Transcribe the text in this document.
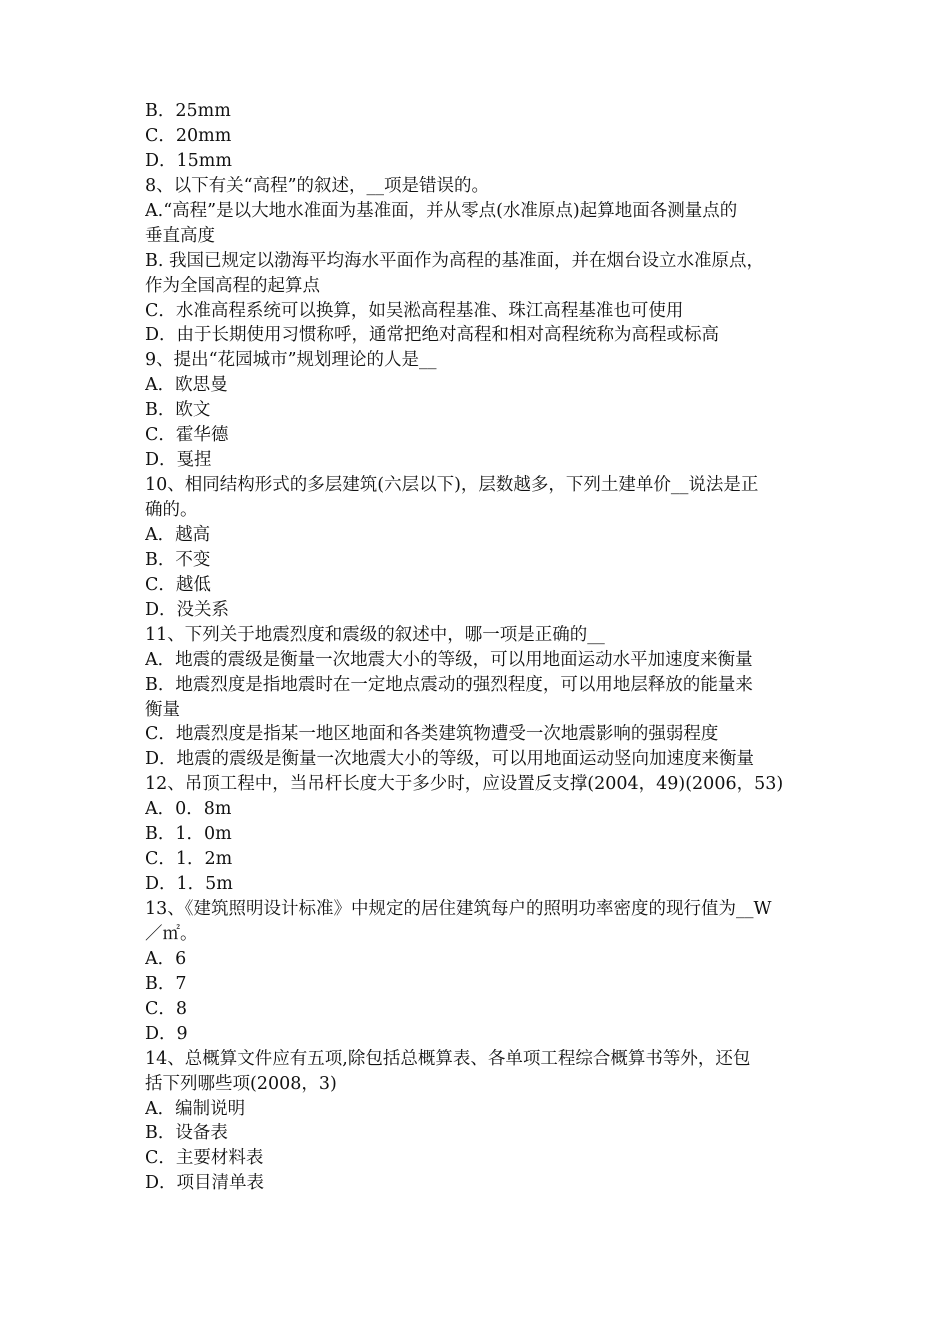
B．25mm
C．20mm
D．15mm
8、以下有关“高程”的叙述，__项是错误的。
A.“高程”是以大地水准面为基准面，并从零点(水准原点)起算地面各测量点的
垂直高度
B. 我国已规定以渤海平均海水平面作为高程的基准面，并在烟台设立水准原点，
作为全国高程的起算点
C．水准高程系统可以换算，如吴淞高程基准、珠江高程基准也可使用
D．由于长期使用习惯称呼，通常把绝对高程和相对高程统称为高程或标高
9、提出“花园城市”规划理论的人是__
A．欧思曼
B．欧文
C．霍华德
D．戛捏
10、相同结构形式的多层建筑(六层以下)，层数越多，下列土建单价__说法是正
确的。
A．越高
B．不变
C．越低
D．没关系
11、下列关于地震烈度和震级的叙述中，哪一项是正确的__
A．地震的震级是衡量一次地震大小的等级，可以用地面运动水平加速度来衡量
B．地震烈度是指地震时在一定地点震动的强烈程度，可以用地层释放的能量来
衡量
C．地震烈度是指某一地区地面和各类建筑物遭受一次地震影响的强弱程度
D．地震的震级是衡量一次地震大小的等级，可以用地面运动竖向加速度来衡量
12、吊顶工程中，当吊杆长度大于多少时，应设置反支撑(2004，49)(2006，53)
A．0．8m
B．1．0m
C．1．2m
D．1．5m
13、《建筑照明设计标准》中规定的居住建筑每户的照明功率密度的现行值为__W
／㎡。
A．6
B．7
C．8
D．9
14、总概算文件应有五项,除包括总概算表、各单项工程综合概算书等外，还包
括下列哪些项(2008，3)
A．编制说明
B．设备表
C．主要材料表
D．项目清单表
